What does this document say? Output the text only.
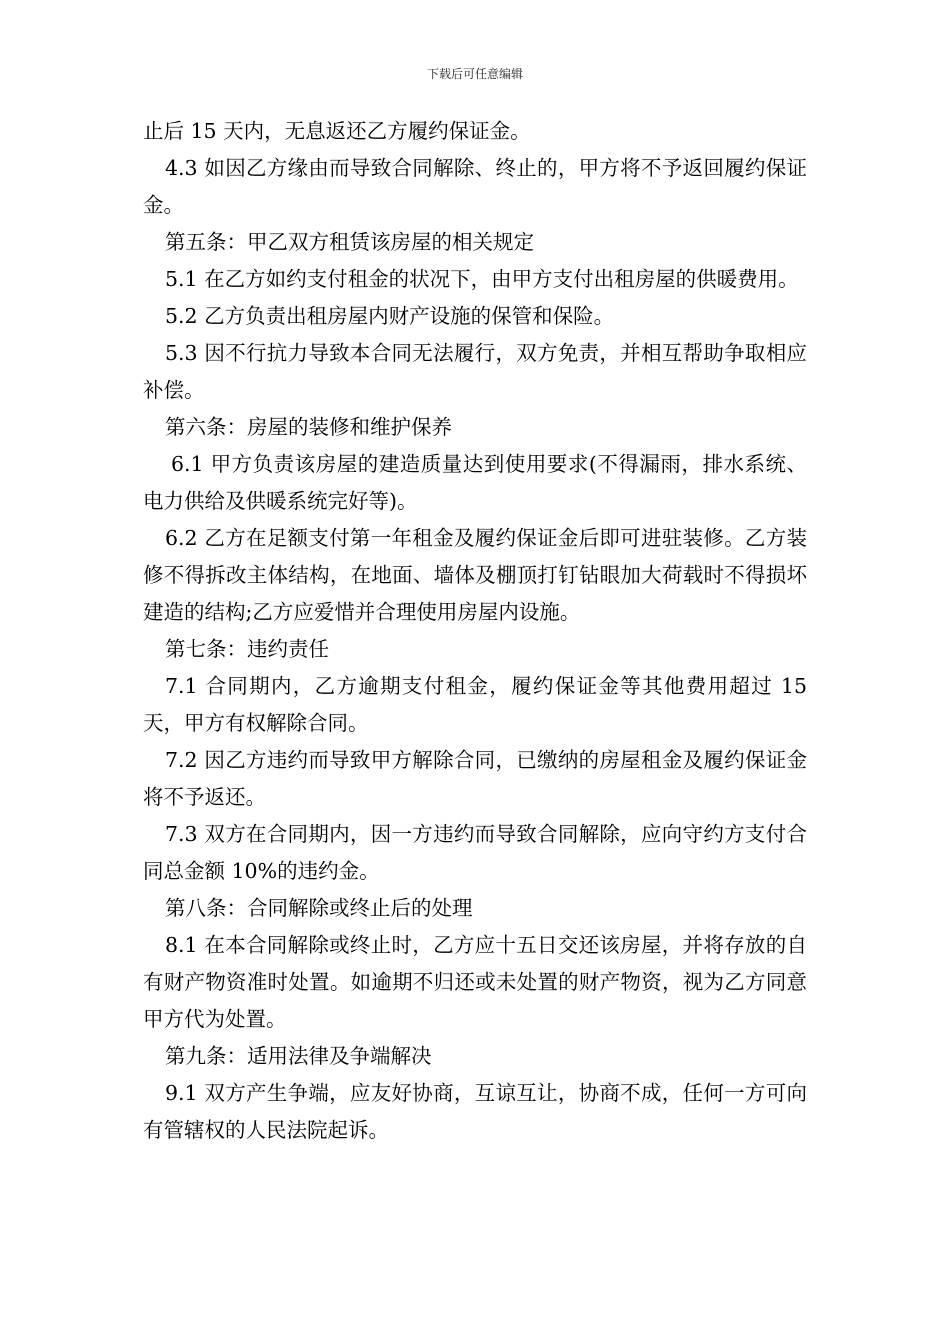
下载后可任意编辑

止后 15 天内，无息返还乙方履约保证金。

4.3 如因乙方缘由而导致合同解除、终止的，甲方将不予返回履约保证金。

第五条：甲乙双方租赁该房屋的相关规定

5.1 在乙方如约支付租金的状况下，由甲方支付出租房屋的供暖费用。

5.2 乙方负责出租房屋内财产设施的保管和保险。

5.3 因不行抗力导致本合同无法履行，双方免责，并相互帮助争取相应补偿。

第六条：房屋的装修和维护保养

6.1 甲方负责该房屋的建造质量达到使用要求(不得漏雨，排水系统、电力供给及供暖系统完好等)。

6.2 乙方在足额支付第一年租金及履约保证金后即可进驻装修。乙方装修不得拆改主体结构，在地面、墙体及棚顶打钉钻眼加大荷载时不得损坏建造的结构;乙方应爱惜并合理使用房屋内设施。

第七条：违约责任

7.1 合同期内，乙方逾期支付租金，履约保证金等其他费用超过 15 天，甲方有权解除合同。

7.2 因乙方违约而导致甲方解除合同，已缴纳的房屋租金及履约保证金将不予返还。

7.3 双方在合同期内，因一方违约而导致合同解除，应向守约方支付合同总金额 10%的违约金。

第八条：合同解除或终止后的处理

8.1 在本合同解除或终止时，乙方应十五日交还该房屋，并将存放的自有财产物资准时处置。如逾期不归还或未处置的财产物资，视为乙方同意甲方代为处置。

第九条：适用法律及争端解决

9.1 双方产生争端，应友好协商，互谅互让，协商不成，任何一方可向有管辖权的人民法院起诉。
